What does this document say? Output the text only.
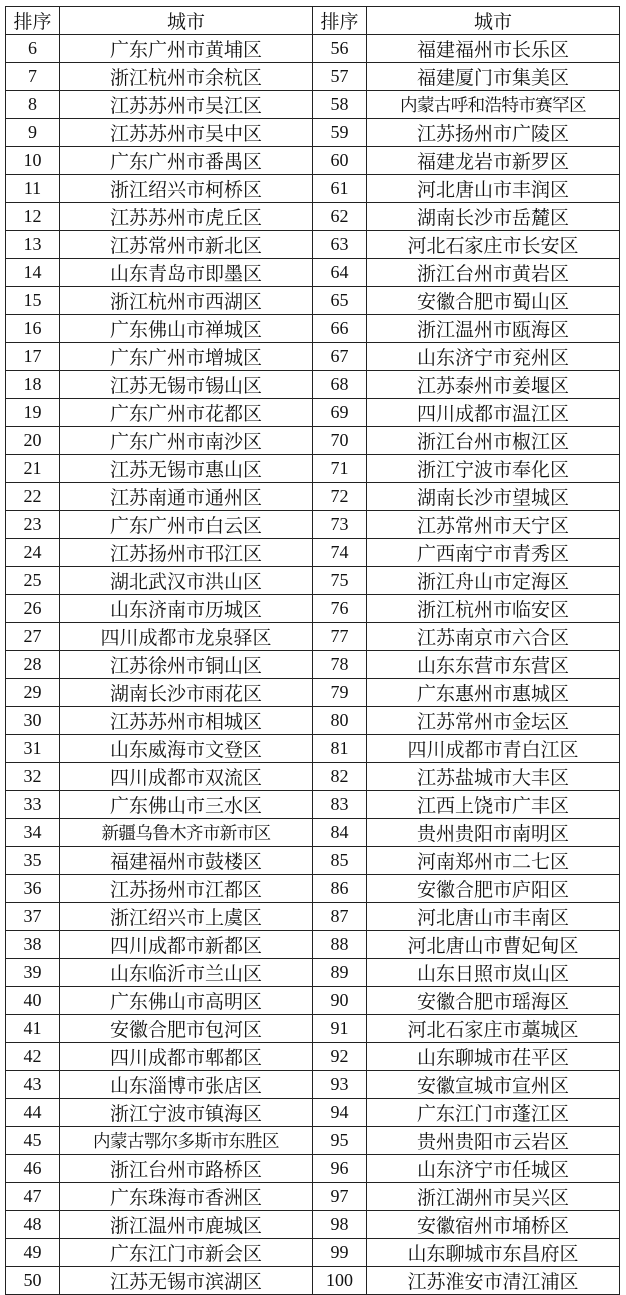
排序	城市	排序	城市
6	广东广州市黄埔区	56	福建福州市长乐区
7	浙江杭州市余杭区	57	福建厦门市集美区
8	江苏苏州市吴江区	58	内蒙古呼和浩特市赛罕区
9	江苏苏州市吴中区	59	江苏扬州市广陵区
10	广东广州市番禺区	60	福建龙岩市新罗区
11	浙江绍兴市柯桥区	61	河北唐山市丰润区
12	江苏苏州市虎丘区	62	湖南长沙市岳麓区
13	江苏常州市新北区	63	河北石家庄市长安区
14	山东青岛市即墨区	64	浙江台州市黄岩区
15	浙江杭州市西湖区	65	安徽合肥市蜀山区
16	广东佛山市禅城区	66	浙江温州市瓯海区
17	广东广州市增城区	67	山东济宁市兖州区
18	江苏无锡市锡山区	68	江苏泰州市姜堰区
19	广东广州市花都区	69	四川成都市温江区
20	广东广州市南沙区	70	浙江台州市椒江区
21	江苏无锡市惠山区	71	浙江宁波市奉化区
22	江苏南通市通州区	72	湖南长沙市望城区
23	广东广州市白云区	73	江苏常州市天宁区
24	江苏扬州市邗江区	74	广西南宁市青秀区
25	湖北武汉市洪山区	75	浙江舟山市定海区
26	山东济南市历城区	76	浙江杭州市临安区
27	四川成都市龙泉驿区	77	江苏南京市六合区
28	江苏徐州市铜山区	78	山东东营市东营区
29	湖南长沙市雨花区	79	广东惠州市惠城区
30	江苏苏州市相城区	80	江苏常州市金坛区
31	山东威海市文登区	81	四川成都市青白江区
32	四川成都市双流区	82	江苏盐城市大丰区
33	广东佛山市三水区	83	江西上饶市广丰区
34	新疆乌鲁木齐市新市区	84	贵州贵阳市南明区
35	福建福州市鼓楼区	85	河南郑州市二七区
36	江苏扬州市江都区	86	安徽合肥市庐阳区
37	浙江绍兴市上虞区	87	河北唐山市丰南区
38	四川成都市新都区	88	河北唐山市曹妃甸区
39	山东临沂市兰山区	89	山东日照市岚山区
40	广东佛山市高明区	90	安徽合肥市瑶海区
41	安徽合肥市包河区	91	河北石家庄市藁城区
42	四川成都市郫都区	92	山东聊城市茌平区
43	山东淄博市张店区	93	安徽宣城市宣州区
44	浙江宁波市镇海区	94	广东江门市蓬江区
45	内蒙古鄂尔多斯市东胜区	95	贵州贵阳市云岩区
46	浙江台州市路桥区	96	山东济宁市任城区
47	广东珠海市香洲区	97	浙江湖州市吴兴区
48	浙江温州市鹿城区	98	安徽宿州市埇桥区
49	广东江门市新会区	99	山东聊城市东昌府区
50	江苏无锡市滨湖区	100	江苏淮安市清江浦区
